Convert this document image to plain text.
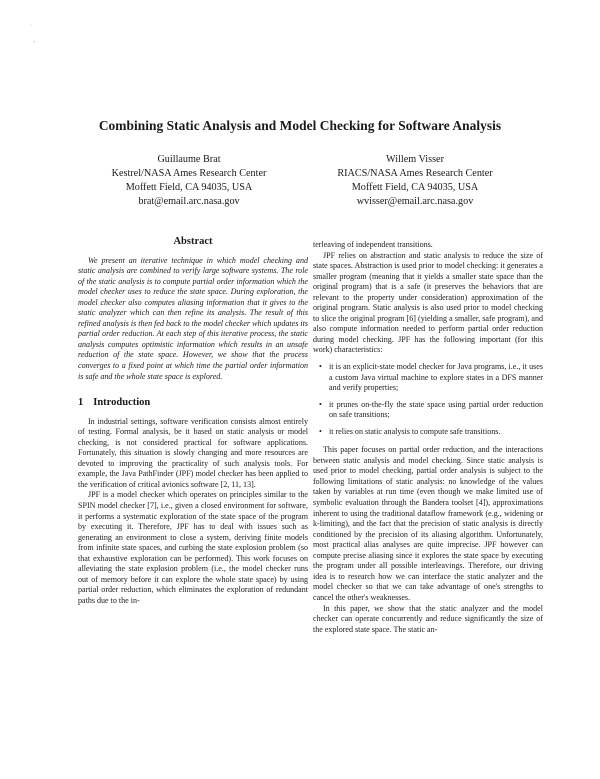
·
′
Combining Static Analysis and Model Checking for Software Analysis
Guillaume Brat
Kestrel/NASA Ames Research Center
Moffett Field, CA 94035, USA
brat@email.arc.nasa.gov
Willem Visser
RIACS/NASA Ames Research Center
Moffett Field, CA 94035, USA
wvisser@email.arc.nasa.gov
Abstract

We present an iterative technique in which model checking and static analysis are combined to verify large software systems. The role of the static analysis is to compute partial order information which the model checker uses to reduce the state space. During exploration, the model checker also computes aliasing information that it gives to the static analyzer which can then refine its analysis. The result of this refined analysis is then fed back to the model checker which updates its partial order reduction. At each step of this iterative process, the static analysis computes optimistic information which results in an unsafe reduction of the state space. However, we show that the process converges to a fixed point at which time the partial order information is safe and the whole state space is explored.

1 Introduction

In industrial settings, software verification consists almost entirely of testing. Formal analysis, be it based on static analysis or model checking, is not considered practical for software applications. Fortunately, this situation is slowly changing and more resources are devoted to improving the practicality of such analysis tools. For example, the Java PathFinder (JPF) model checker has been applied to the verification of critical avionics software [2, 11, 13].

JPF is a model checker which operates on principles similar to the SPIN model checker [7], i.e., given a closed environment for software, it performs a systematic exploration of the state space of the program by executing it. Therefore, JPF has to deal with issues such as generating an environment to close a system, deriving finite models from infinite state spaces, and curbing the state explosion problem (so that exhaustive exploration can be performed). This work focuses on alleviating the state explosion problem (i.e., the model checker runs out of memory before it can explore the whole state space) by using partial order reduction, which eliminates the exploration of redundant paths due to the in-

terleaving of independent transitions.

JPF relies on abstraction and static analysis to reduce the size of state spaces. Abstraction is used prior to model checking: it generates a smaller program (meaning that it yields a smaller state space than the original program) that is a safe (it preserves the behaviors that are relevant to the property under consideration) approximation of the original program. Static analysis is also used prior to model checking to slice the original program [6] (yielding a smaller, safe program), and also compute information needed to perform partial order reduction during model checking. JPF has the following important (for this work) characteristics:

• it is an explicit-state model checker for Java programs, i.e., it uses a custom Java virtual machine to explore states in a DFS manner and verify properties;
• it prunes on-the-fly the state space using partial order reduction on safe transitions;
• it relies on static analysis to compute safe transitions.

This paper focuses on partial order reduction, and the interactions between static analysis and model checking. Since static analysis is used prior to model checking, partial order analysis is subject to the following limitations of static analysis: no knowledge of the values taken by variables at run time (even though we make limited use of symbolic evaluation through the Bandera toolset [4]), approximations inherent to using the traditional dataflow framework (e.g., widening or k-limiting), and the fact that the precision of static analysis is directly conditioned by the precision of its aliasing algorithm. Unfortunately, most practical alias analyses are quite imprecise. JPF however can compute precise aliasing since it explores the state space by executing the program under all possible interleavings. Therefore, our driving idea is to research how we can interface the static analyzer and the model checker so that we can take advantage of one's strengths to cancel the other's weaknesses.

In this paper, we show that the static analyzer and the model checker can operate concurrently and reduce significantly the size of the explored state space. The static an-
